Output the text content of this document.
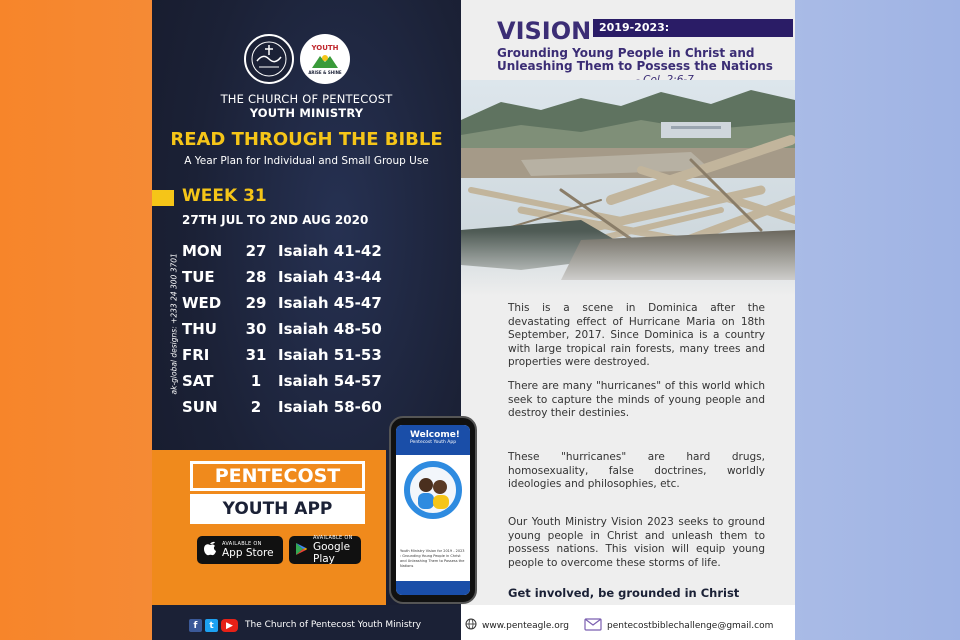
YOUTH
ARISE & SHINE
THE CHURCH OF PENTECOST
YOUTH MINISTRY
READ THROUGH THE BIBLE
A Year Plan for Individual and Small Group Use
WEEK 31
27TH JUL TO 2ND AUG 2020
MON	27 Isaiah 41-42
TUE	28 Isaiah 43-44
WED	29 Isaiah 45-47
THU	30 Isaiah 48-50
FRI	31 Isaiah 51-53
SAT	1	Isaiah 54-57
SUN	2	Isaiah 58-60
ak-global designs: +233 24 300 3701
VISION 2019-2023:
Grounding Young People in Christ and
Unleashing Them to Possess the Nations

This is a scene in Dominica after the devastating effect of Hurricane Maria on 18th September, 2017. Since Dominica is a country with large tropical rain forests, many trees and properties were destroyed.

There are many "hurricanes" of this world which seek to capture the minds of young people and destroy their destinies.

These "hurricanes" are hard drugs, homosexuality, false doctrines, worldly ideologies and philosophies, etc.

Our Youth Ministry Vision 2023 seeks to ground young people in Christ and unleash them to possess nations. This vision will equip young people to overcome these storms of life.

Get involved, be grounded in Christ
PENTECOST
YOUTH APP
AVAILABLE ON
App Store
AVAILABLE ON
Google Play
Welcome!
Pentecost Youth App
Youth Ministry Vision for 2019 - 2023 : Grounding Young People in Christ and Unleashing Them to Possess the Nations
f	t	▶	The Church of Pentecost Youth Ministry	www.penteagle.org	pentecostbiblechallenge@gmail.com
